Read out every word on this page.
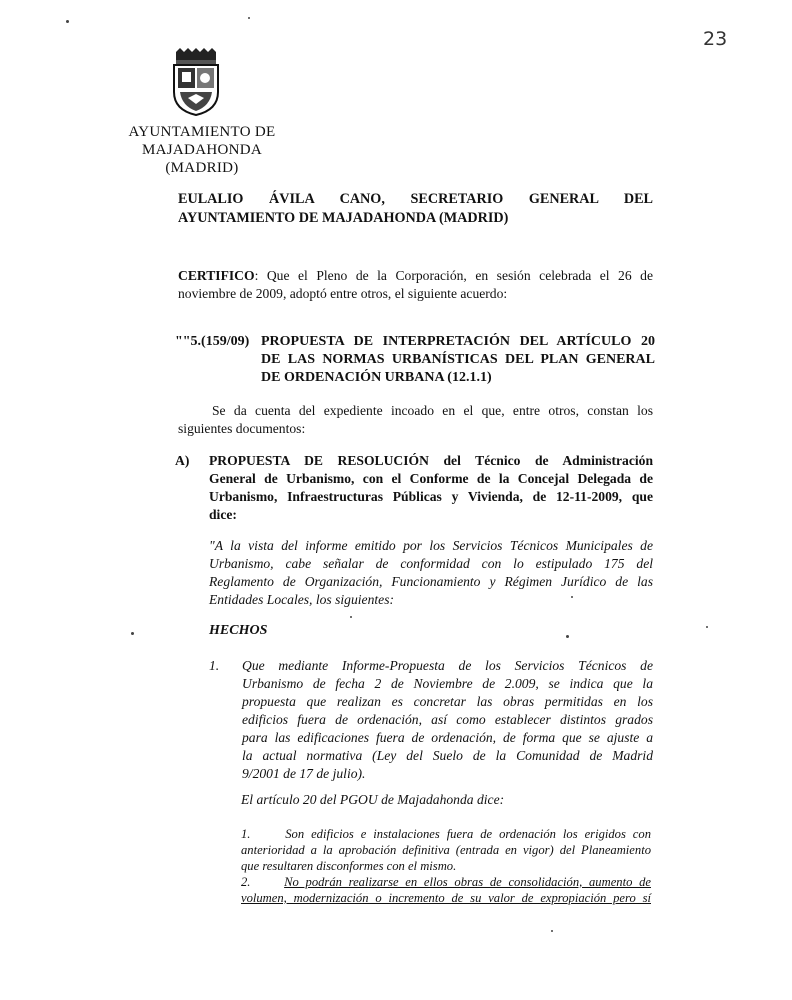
23
AYUNTAMIENTO DE
MAJADAHONDA
(MADRID)
EULALIO ÁVILA CANO, SECRETARIO GENERAL DEL
AYUNTAMIENTO DE MAJADAHONDA (MADRID)
CERTIFICO: Que el Pleno de la Corporación, en sesión celebrada el 26 de
noviembre de 2009, adoptó entre otros, el siguiente acuerdo:
""5.(159/09) PROPUESTA DE INTERPRETACIÓN DEL ARTÍCULO 20
DE LAS NORMAS URBANÍSTICAS DEL PLAN GENERAL
DE ORDENACIÓN URBANA (12.1.1)
Se da cuenta del expediente incoado en el que, entre otros, constan los
siguientes documentos:
A) PROPUESTA DE RESOLUCIÓN del Técnico de Administración
General de Urbanismo, con el Conforme de la Concejal Delegada de
Urbanismo, Infraestructuras Públicas y Vivienda, de 12-11-2009, que
dice:
"A la vista del informe emitido por los Servicios Técnicos Municipales de
Urbanismo, cabe señalar de conformidad con lo estipulado 175 del
Reglamento de Organización, Funcionamiento y Régimen Jurídico de las
Entidades Locales, los siguientes:
HECHOS
1. Que mediante Informe-Propuesta de los Servicios Técnicos de
Urbanismo de fecha 2 de Noviembre de 2.009, se indica que la
propuesta que realizan es concretar las obras permitidas en los
edificios fuera de ordenación, así como establecer distintos grados
para las edificaciones fuera de ordenación, de forma que se ajuste a
la actual normativa (Ley del Suelo de la Comunidad de Madrid
9/2001 de 17 de julio).
El artículo 20 del PGOU de Majadahonda dice:
1.	Son edificios e instalaciones fuera de ordenación los erigidos con
anterioridad a la aprobación definitiva (entrada en vigor) del Planeamiento
que resultaren disconformes con el mismo.
2.	No podrán realizarse en ellos obras de consolidación, aumento de
volumen, modernización o incremento de su valor de expropiación pero sí
